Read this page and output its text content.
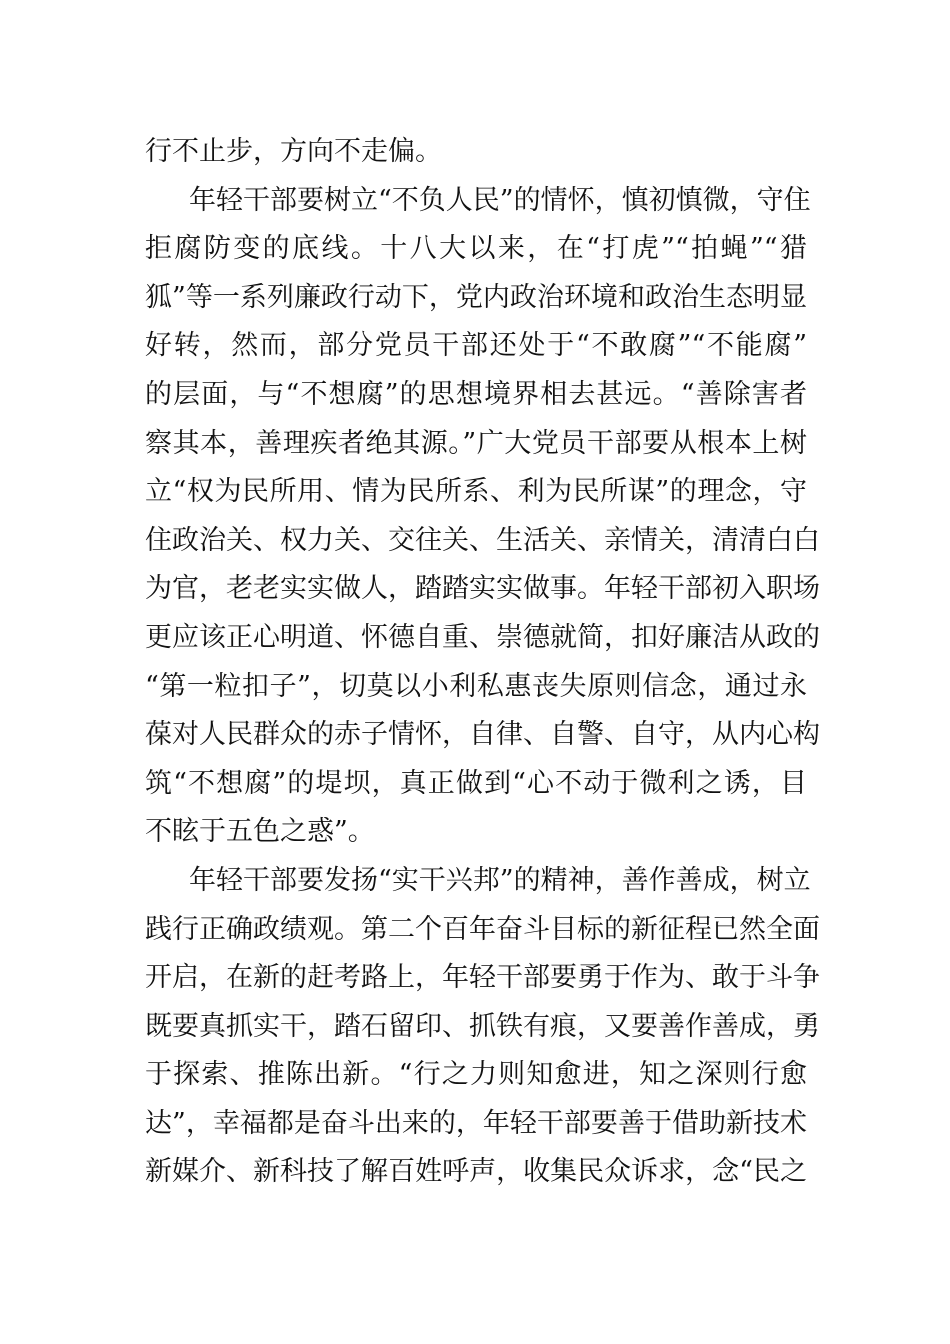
行不止步，方向不走偏。
年轻干部要树立“不负人民”的情怀，慎初慎微，守住
拒腐防变的底线。十八大以来，在“打虎”“拍蝇”“猎
狐”等一系列廉政行动下，党内政治环境和政治生态明显
好转，然而，部分党员干部还处于“不敢腐”“不能腐”
的层面，与“不想腐”的思想境界相去甚远。“善除害者
察其本，善理疾者绝其源。”广大党员干部要从根本上树
立“权为民所用、情为民所系、利为民所谋”的理念，守
住政治关、权力关、交往关、生活关、亲情关，清清白白
为官，老老实实做人，踏踏实实做事。年轻干部初入职场
更应该正心明道、怀德自重、崇德就简，扣好廉洁从政的
“第一粒扣子”，切莫以小利私惠丧失原则信念，通过永
葆对人民群众的赤子情怀，自律、自警、自守，从内心构
筑“不想腐”的堤坝，真正做到“心不动于微利之诱，目
不眩于五色之惑”。
年轻干部要发扬“实干兴邦”的精神，善作善成，树立
践行正确政绩观。第二个百年奋斗目标的新征程已然全面
开启，在新的赶考路上，年轻干部要勇于作为、敢于斗争
既要真抓实干，踏石留印、抓铁有痕，又要善作善成，勇
于探索、推陈出新。“行之力则知愈进，知之深则行愈
达”，幸福都是奋斗出来的，年轻干部要善于借助新技术
新媒介、新科技了解百姓呼声，收集民众诉求，念“民之
